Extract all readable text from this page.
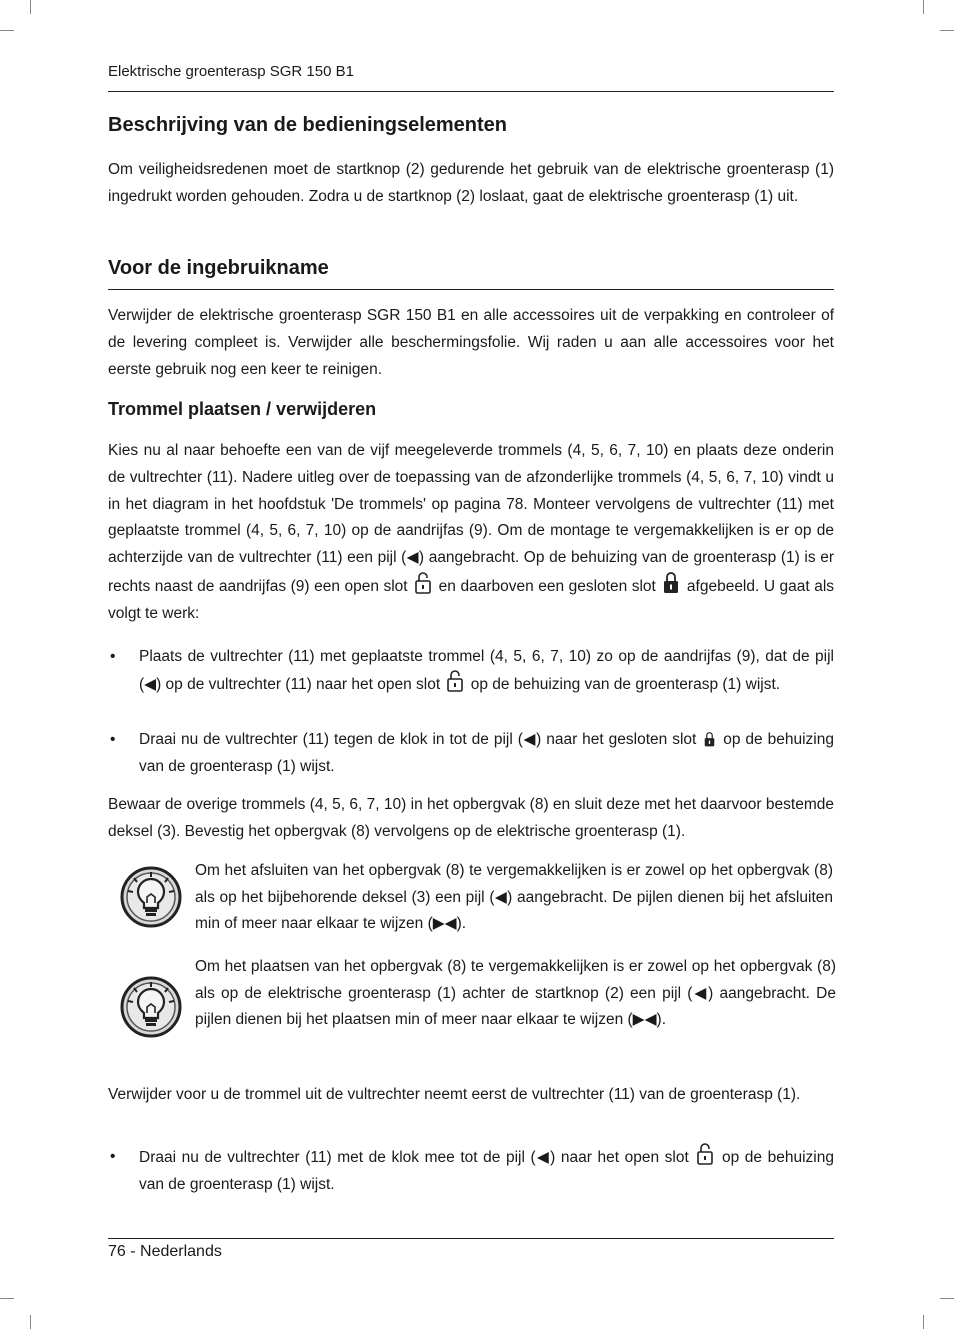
Elektrische groenterasp SGR 150 B1
Beschrijving van de bedieningselementen

Om veiligheidsredenen moet de startknop (2) gedurende het gebruik van de elektrische groenterasp (1) ingedrukt worden gehouden. Zodra u de startknop (2) loslaat, gaat de elektrische groenterasp (1) uit.

Voor de ingebruikname

Verwijder de elektrische groenterasp SGR 150 B1 en alle accessoires uit de verpakking en controleer of de levering compleet is. Verwijder alle beschermingsfolie. Wij raden u aan alle accessoires voor het eerste gebruik nog een keer te reinigen.

Trommel plaatsen / verwijderen

Kies nu al naar behoefte een van de vijf meegeleverde trommels (4, 5, 6, 7, 10) en plaats deze onderin de vultrechter (11). Nadere uitleg over de toepassing van de afzonderlijke trommels (4, 5, 6, 7, 10) vindt u in het diagram in het hoofdstuk 'De trommels' op pagina 78. Monteer vervolgens de vultrechter (11) met geplaatste trommel (4, 5, 6, 7, 10) op de aandrijfas (9). Om de montage te vergemakkelijken is er op de achterzijde van de vultrechter (11) een pijl (◀) aangebracht. Op de behuizing van de groenterasp (1) is er rechts naast de aandrijfas (9) een open slot en daarboven een gesloten slot afgebeeld. U gaat als volgt te werk:

• Plaats de vultrechter (11) met geplaatste trommel (4, 5, 6, 7, 10) zo op de aandrijfas (9), dat de pijl (◀) op de vultrechter (11) naar het open slot op de behuizing van de groenterasp (1) wijst.

• Draai nu de vultrechter (11) tegen de klok in tot de pijl (◀) naar het gesloten slot op de behuizing van de groenterasp (1) wijst.

Bewaar de overige trommels (4, 5, 6, 7, 10) in het opbergvak (8) en sluit deze met het daarvoor bestemde deksel (3). Bevestig het opbergvak (8) vervolgens op de elektrische groenterasp (1).

Om het afsluiten van het opbergvak (8) te vergemakkelijken is er zowel op het opbergvak (8) als op het bijbehorende deksel (3) een pijl (◀) aangebracht. De pijlen dienen bij het afsluiten min of meer naar elkaar te wijzen (▶◀).

Om het plaatsen van het opbergvak (8) te vergemakkelijken is er zowel op het opbergvak (8) als op de elektrische groenterasp (1) achter de startknop (2) een pijl (◀) aangebracht. De pijlen dienen bij het plaatsen min of meer naar elkaar te wijzen (▶◀).

Verwijder voor u de trommel uit de vultrechter neemt eerst de vultrechter (11) van de groenterasp (1).

• Draai nu de vultrechter (11) met de klok mee tot de pijl (◀) naar het open slot op de behuizing van de groenterasp (1) wijst.

76 - Nederlands
